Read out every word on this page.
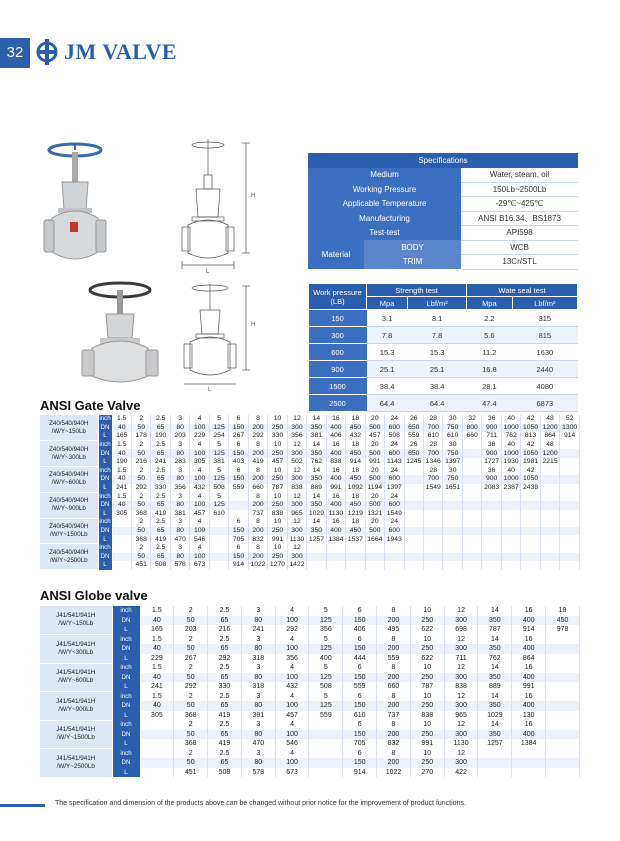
32	JM VALVE
H
L
H
L
Specifications		
Medium		Water, steam, oil
Working Pressure		150Lb~2500Lb
Applicable Temperature		-29℃~425℃
Manufacturing		ANSI B16.34、BS1873
Test-test		API598
Material	BODY	WCB
	TRIM	13Cr/STL
Work pressure (LB)	Strength test		Wate seal test	
	Mpa	Lbf/m²	Mpa	Lbf/m²
150	3.1	3.1	2.2	315
300	7.8	7.8	5.6	815
600	15.3	15.3	11.2	1630
900	25.1	25.1	16.8	2440
1500	38.4	38.4	28.1	4080
2500	64.4	64.4	47.4	6873
ANSI Gate Valve
Z40/540/940H
/W/Y~150Lb	inch	1.5	2	2.5	3	4	5	6	8	10	12	14	16	18	20	24	26	28	30	32	36	40	42	48	52
	DN	40	50	65	80	100	125	150	200	250	300	350	400	450	500	600	650	700	750	800	900	1000	1050	1200	1300
	L	165	178	190	203	229	254	267	292	330	356	381	406	432	457	508	559	610	610	660	711	762	813	864	914

Z40/540/940H
/W/Y~300Lb	inch	1.5	2	2.5	3	4	5	6	8	10	12	14	16	18	20	24	26	28	30		36	40	42	48	
	DN	40	50	65	80	100	125	150	200	250	300	350	400	450	500	600	650	700	750		900	1000	1050	1200	
	L	190	216	241	283	305	381	403	419	457	502	762	838	914	991	1143	1245	1346	1397		1727	1930	1981	2215	

Z40/540/940H
/W/Y~600Lb	inch	1.5	2	2.5	3	4	5	6	8	10	12	14	16	18	20	24		28	30		36	40	42		
	DN	40	50	65	80	100	125	150	200	250	300	350	400	450	500	600		700	750		900	1000	1050		
	L	241	292	330	356	432	508	559	660	787	838	889	991	1092	1194	1397		1549	1651		2083	2387	2438		

Z40/540/940H
/W/Y~900Lb	inch	1.5	2	2.5	3	4	5		8	10	12	14	16	18	20	24									
	DN	40	50	65	80	100	125		200	250	300	350	400	450	500	600									
	L	305	368	419	381	457	610		737	838	965	1029	1130	1219	1321	1549									

Z40/540/940H
/W/Y~1500Lb	inch		2	2.5	3	4		6	8	10	12	14	16	18	20	24									
	DN		50	65	80	100		150	200	250	300	350	400	450	500	600									
	L		368	419	470	546		705	832	991	1130	1257	1384	1537	1664	1943									

Z40/540/940H
/W/Y~2500Lb	inch		2	2.5	3	4		6	8	10	12														
	DN		50	65	80	100		150	200	250	300														
	L		451	508	578	673		914	1022	1270	1422														
ANSI Globe valve
J41/541/941H
/W/Y~150Lb	inch	1.5	2	2.5	3	4	5	6	8	10	12	14	16	18
	DN	40	50	65	80	100	125	150	200	250	300	350	400	450
	L	165	203	216	241	292	356	406	495	622	698	787	914	978

J41/541/941H
/W/Y~300Lb	inch	1.5	2	2.5	3	4	5	6	8	10	12	14	16	
	DN	40	50	65	80	100	125	150	200	250	300	350	400	
	L	229	267	292	318	356	400	444	559	622	711	762	864	

J41/541/941H
/W/Y~600Lb	inch	1.5	2	2.5	3	4	5	6	8	10	12	14	16	
	DN	40	50	65	80	100	125	150	200	250	300	350	400	
	L	241	292	330	318	432	508	559	660	787	838	889	991	

J41/541/941H
/W/Y~900Lb	inch	1.5	2	2.5	3	4	5	6	8	10	12	14	16	
	DN	40	50	65	80	100	125	150	200	250	300	350	400	
	L	305	368	419	381	457	559	610	737	838	965	1029	130	

J41/541/941H
/W/Y~1500Lb	inch		2	2.5	3	4		6	8	10	12	14	16	
	DN		50	65	80	100		150	200	250	300	350	400	
	L		368	419	470	546		705	832	991	1130	1257	1384	

J41/541/941H
/W/Y~2500Lb	inch		2	2.5	3	4		6	8	10	12			
	DN		50	65	80	100		150	200	250	300			
	L		451	508	578	673		914	1022	270	422			
The specification and dimension of the products above can be changed without prior notice for the improvement of product functions.
